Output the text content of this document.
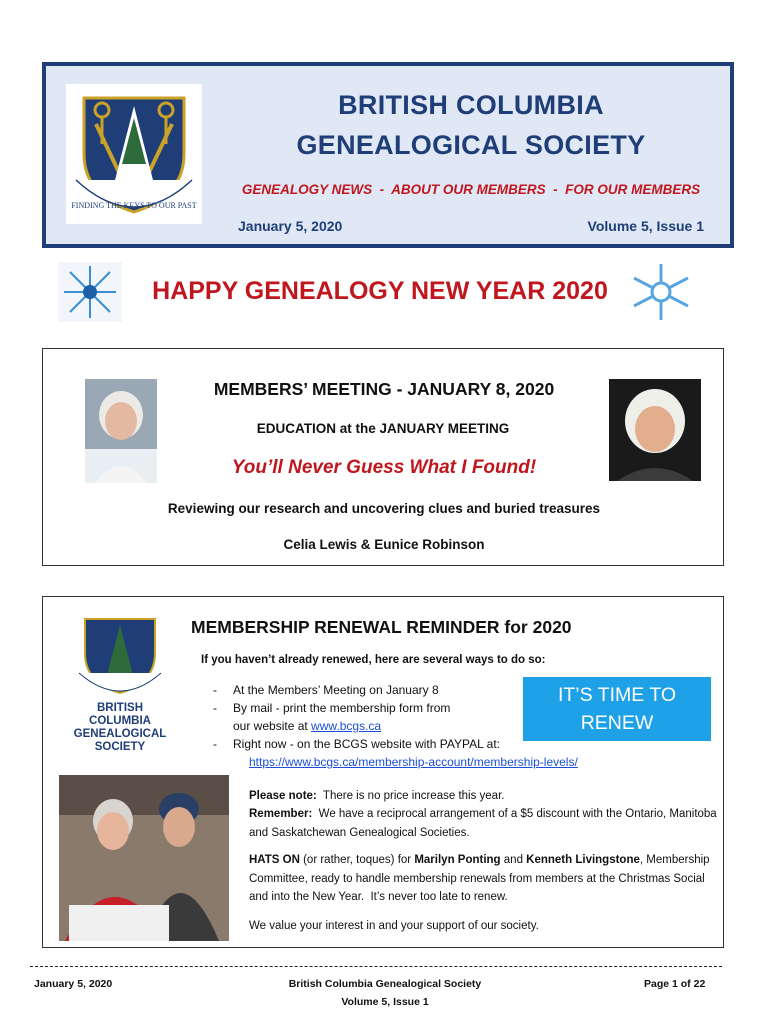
FINDING THE KEYS TO OUR PAST
BRITISH COLUMBIA
GENEALOGICAL SOCIETY
GENEALOGY NEWS  -  ABOUT OUR MEMBERS  -  FOR OUR MEMBERS
January 5, 2020	Volume 5, Issue 1
HAPPY GENEALOGY NEW YEAR 2020
MEMBERS’ MEETING - JANUARY 8, 2020
EDUCATION at the JANUARY MEETING
You’ll Never Guess What I Found!
Reviewing our research and uncovering clues and buried treasures
Celia Lewis & Eunice Robinson
BRITISH
COLUMBIA
GENEALOGICAL
SOCIETY
MEMBERSHIP RENEWAL REMINDER for 2020
If you haven’t already renewed, here are several ways to do so:
- At the Members’ Meeting on January 8
- By mail - print the membership form from
our website at www.bcgs.ca
- Right now - on the BCGS website with PAYPAL at:
https://www.bcgs.ca/membership-account/membership-levels/
IT’S TIME TO RENEW
YOUR MEMBERSHIP!
Please note:  There is no price increase this year.
Remember:  We have a reciprocal arrangement of a $5 discount with the Ontario, Manitoba and Saskatchewan Genealogical Societies.
HATS ON (or rather, toques) for Marilyn Ponting and Kenneth Livingstone, Membership Committee, ready to handle membership renewals from members at the Christmas Social and into the New Year.  It’s never too late to renew.
We value your interest in and your support of our society.
January 5, 2020	British Columbia Genealogical Society
Volume 5, Issue 1
Page 1 of 22
